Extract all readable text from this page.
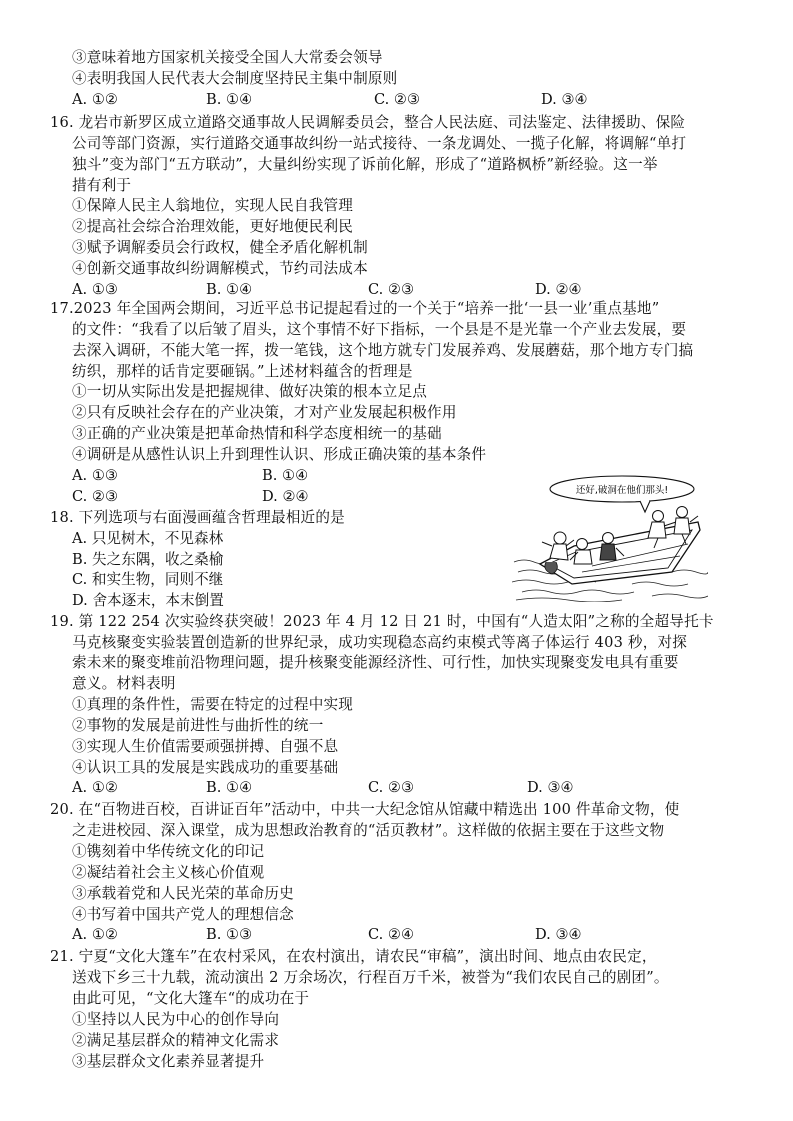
③意味着地方国家机关接受全国人大常委会领导
④表明我国人民代表大会制度坚持民主集中制原则
A. ①②	B. ①④	C. ②③	D. ③④
16. 龙岩市新罗区成立道路交通事故人民调解委员会，整合人民法庭、司法鉴定、法律援助、保险
公司等部门资源，实行道路交通事故纠纷一站式接待、一条龙调处、一揽子化解，将调解“单打
独斗”变为部门“五方联动”，大量纠纷实现了诉前化解，形成了“道路枫桥”新经验。这一举
措有利于
①保障人民主人翁地位，实现人民自我管理
②提高社会综合治理效能，更好地便民利民
③赋予调解委员会行政权，健全矛盾化解机制
④创新交通事故纠纷调解模式，节约司法成本
A. ①③	B. ①④	C. ②③	D. ②④
17.2023 年全国两会期间，习近平总书记提起看过的一个关于“培养一批‘一县一业’重点基地”
的文件：“我看了以后皱了眉头，这个事情不好下指标，一个县是不是光靠一个产业去发展，要
去深入调研，不能大笔一挥，拨一笔钱，这个地方就专门发展养鸡、发展蘑菇，那个地方专门搞
纺织，那样的话肯定要砸锅。”上述材料蕴含的哲理是
①一切从实际出发是把握规律、做好决策的根本立足点
②只有反映社会存在的产业决策，才对产业发展起积极作用
③正确的产业决策是把革命热情和科学态度相统一的基础
④调研是从感性认识上升到理性认识、形成正确决策的基本条件
A. ①③	B. ①④
C. ②③	D. ②④
18. 下列选项与右面漫画蕴含哲理最相近的是
A. 只见树木，不见森林
B. 失之东隅，收之桑榆
C. 和实生物，同则不继
D. 舍本逐末，本末倒置
还好,破洞在他们那头!
19. 第 122 254 次实验终获突破！2023 年 4 月 12 日 21 时，中国有“人造太阳”之称的全超导托卡
马克核聚变实验装置创造新的世界纪录，成功实现稳态高约束模式等离子体运行 403 秒，对探
索未来的聚变堆前沿物理问题，提升核聚变能源经济性、可行性，加快实现聚变发电具有重要
意义。材料表明
①真理的条件性，需要在特定的过程中实现
②事物的发展是前进性与曲折性的统一
③实现人生价值需要顽强拼搏、自强不息
④认识工具的发展是实践成功的重要基础
A. ①②	B. ①④	C. ②③	D. ③④
20. 在“百物进百校，百讲证百年”活动中，中共一大纪念馆从馆藏中精选出 100 件革命文物，使
之走进校园、深入课堂，成为思想政治教育的“活页教材”。这样做的依据主要在于这些文物
①镌刻着中华传统文化的印记
②凝结着社会主义核心价值观
③承载着党和人民光荣的革命历史
④书写着中国共产党人的理想信念
A. ①②	B. ①③	C. ②④	D. ③④
21. 宁夏“文化大篷车”在农村采风，在农村演出，请农民“审稿”，演出时间、地点由农民定，
送戏下乡三十九载，流动演出 2 万余场次，行程百万千米，被誉为“我们农民自己的剧团”。
由此可见，“文化大篷车“的成功在于
①坚持以人民为中心的创作导向
②满足基层群众的精神文化需求
③基层群众文化素养显著提升
